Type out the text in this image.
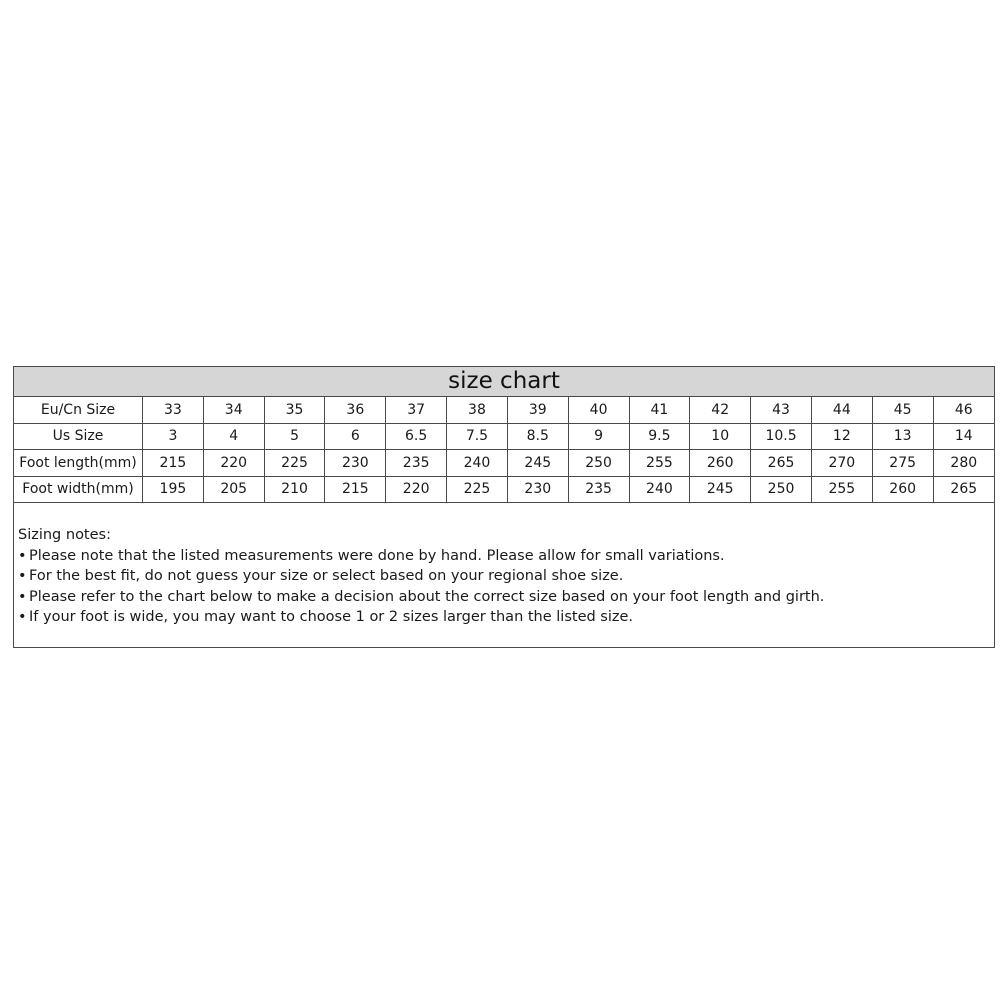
size chart
Eu/Cn Size	33	34	35	36	37	38	39	40	41	42	43	44	45	46
Us Size	3	4	5	6	6.5	7.5	8.5	9	9.5	10	10.5	12	13	14
Foot length(mm)	215	220	225	230	235	240	245	250	255	260	265	270	275	280
Foot width(mm)	195	205	210	215	220	225	230	235	240	245	250	255	260	265
Sizing notes:
• Please note that the listed measurements were done by hand. Please allow for small variations.
• For the best fit, do not guess your size or select based on your regional shoe size.
• Please refer to the chart below to make a decision about the correct size based on your foot length and girth.
• If your foot is wide, you may want to choose 1 or 2 sizes larger than the listed size.
